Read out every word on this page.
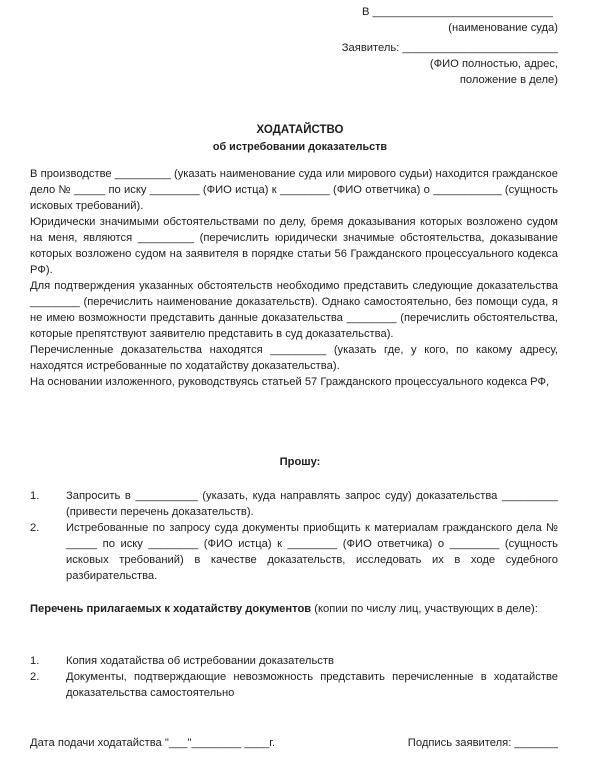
В _____________________________
(наименование суда)
Заявитель: _________________________
(ФИО полностью, адрес,
положение в деле)
ХОДАТАЙСТВО
об истребовании доказательств

В производстве _________ (указать наименование суда или мирового судьи) находится гражданское дело № _____ по иску ________ (ФИО истца) к ________ (ФИО ответчика) о ___________ (сущность исковых требований).

Юридически значимыми обстоятельствами по делу, бремя доказывания которых возложено судом на меня, являются _________ (перечислить юридически значимые обстоятельства, доказывание которых возложено судом на заявителя в порядке статьи 56 Гражданского процессуального кодекса РФ).

Для подтверждения указанных обстоятельств необходимо представить следующие доказательства ________ (перечислить наименование доказательств). Однако самостоятельно, без помощи суда, я не имею возможности представить данные доказательства ________ (перечислить обстоятельства, которые препятствуют заявителю представить в суд доказательства).

Перечисленные доказательства находятся _________ (указать где, у кого, по какому адресу, находятся истребованные по ходатайству доказательства).

На основании изложенного, руководствуясь статьей 57 Гражданского процессуального кодекса РФ,

Прошу:
1.	Запросить в __________ (указать, куда направлять запрос суду) доказательства _________ (привести перечень доказательств).
2.	Истребованные по запросу суда документы приобщить к материалам гражданского дела № _____ по иску ________ (ФИО истца) к ________ (ФИО ответчика) о ________ (сущность исковых требований) в качестве доказательств, исследовать их в ходе судебного разбирательства.

Перечень прилагаемых к ходатайству документов (копии по числу лиц, участвующих в деле):

1.	Копия ходатайства об истребовании доказательств
2.	Документы, подтверждающие невозможность представить перечисленные в ходатайстве доказательства самостоятельно
Дата подачи ходатайства "___"________ ____г.	Подпись заявителя: _______
